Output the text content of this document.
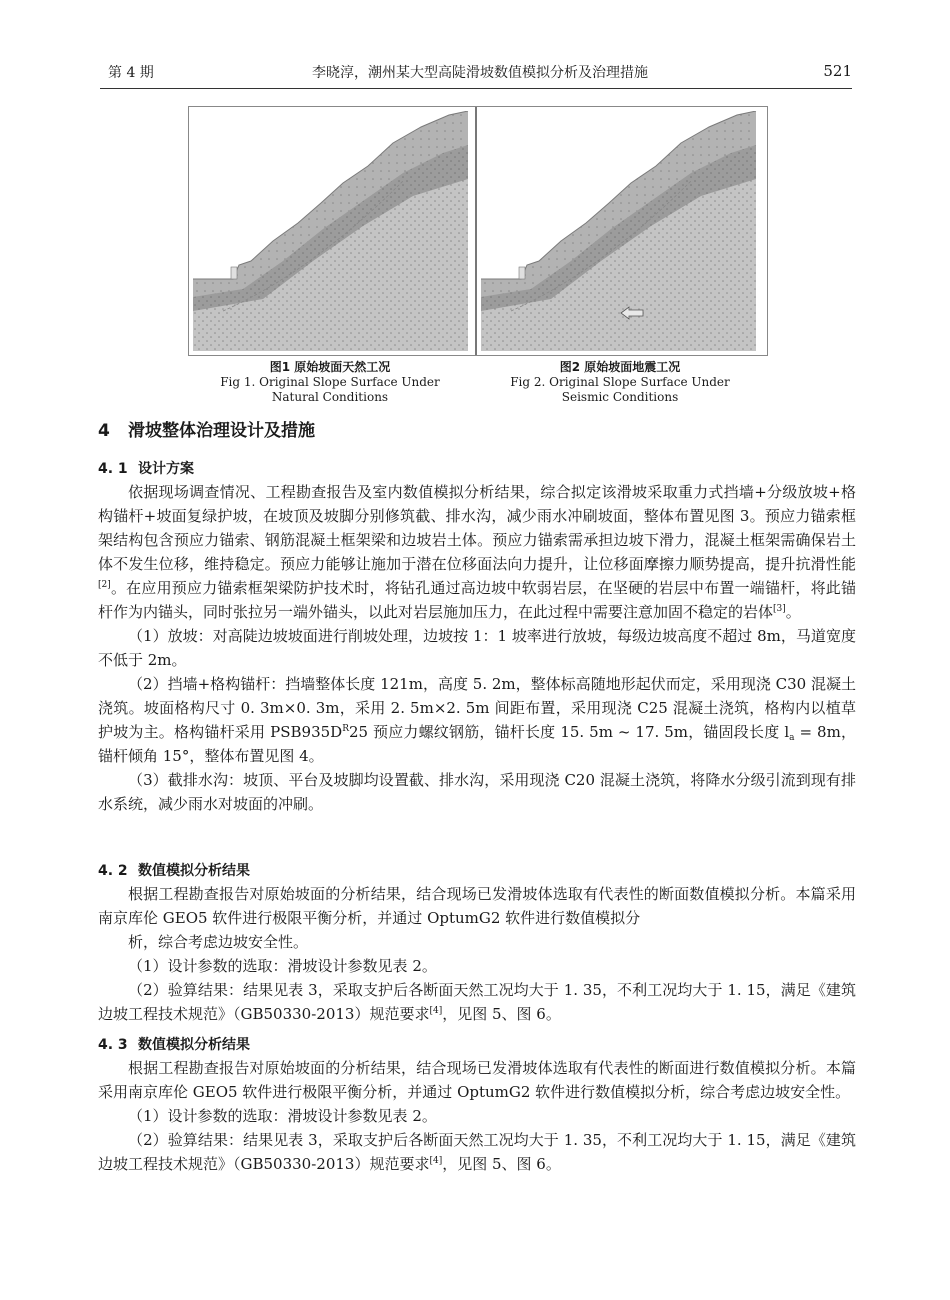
第 4 期	李晓淳，潮州某大型高陡滑坡数值模拟分析及治理措施	521
图1 原始坡面天然工况
Fig 1. Original Slope Surface Under
Natural Conditions
图2 原始坡面地震工况
Fig 2. Original Slope Surface Under
Seismic Conditions
4 滑坡整体治理设计及措施
4. 1 设计方案

依据现场调查情况、工程勘查报告及室内数值模拟分析结果，综合拟定该滑坡采取重力式挡墙+分级放坡+格构锚杆+坡面复绿护坡，在坡顶及坡脚分别修筑截、排水沟，减少雨水冲刷坡面，整体布置见图 3。预应力锚索框架结构包含预应力锚索、钢筋混凝土框架梁和边坡岩土体。预应力锚索需承担边坡下滑力，混凝土框架需确保岩土体不发生位移，维持稳定。预应力能够让施加于潜在位移面法向力提升，让位移面摩擦力顺势提高，提升抗滑性能[2]。在应用预应力锚索框架梁防护技术时，将钻孔通过高边坡中软弱岩层，在坚硬的岩层中布置一端锚杆，将此锚杆作为内锚头，同时张拉另一端外锚头，以此对岩层施加压力，在此过程中需要注意加固不稳定的岩体[3]。

（1）放坡：对高陡边坡坡面进行削坡处理，边坡按 1：1 坡率进行放坡，每级边坡高度不超过 8m，马道宽度不低于 2m。

（2）挡墙+格构锚杆：挡墙整体长度 121m，高度 5. 2m，整体标高随地形起伏而定，采用现浇 C30 混凝土浇筑。坡面格构尺寸 0. 3m×0. 3m，采用 2. 5m×2. 5m 间距布置，采用现浇 C25 混凝土浇筑，格构内以植草护坡为主。格构锚杆采用 $PSB935D^R25$ 预应力螺纹钢筋，锚杆长度 15. 5m ~ 17. 5m，锚固段长度 $l_a = 8m$，锚杆倾角 15°，整体布置见图 4。

（3）截排水沟：坡顶、平台及坡脚均设置截、排水沟，采用现浇 C20 混凝土浇筑，将降水分级引流到现有排水系统，减少雨水对坡面的冲刷。

4. 2 数值模拟分析结果

根据工程勘查报告对原始坡面的分析结果，结合现场已发滑坡体选取有代表性的断面数值模拟分析。本篇采用南京库伦 GEO5 软件进行极限平衡分析，并通过 OptumG2 软件进行数值模拟分

析，综合考虑边坡安全性。

（1）设计参数的选取：滑坡设计参数见表 2。

（2）验算结果：结果见表 3，采取支护后各断面天然工况均大于 1. 35，不利工况均大于 1. 15，满足《建筑边坡工程技术规范》（GB50330-2013）规范要求[4]，见图 5、图 6。

4. 3 数值模拟分析结果

根据工程勘查报告对原始坡面的分析结果，结合现场已发滑坡体选取有代表性的断面进行数值模拟分析。本篇采用南京库伦 GEO5 软件进行极限平衡分析，并通过 OptumG2 软件进行数值模拟分析，综合考虑边坡安全性。

（1）设计参数的选取：滑坡设计参数见表 2。

（2）验算结果：结果见表 3，采取支护后各断面天然工况均大于 1. 35，不利工况均大于 1. 15，满足《建筑边坡工程技术规范》（GB50330-2013）规范要求[4]，见图 5、图 6。
